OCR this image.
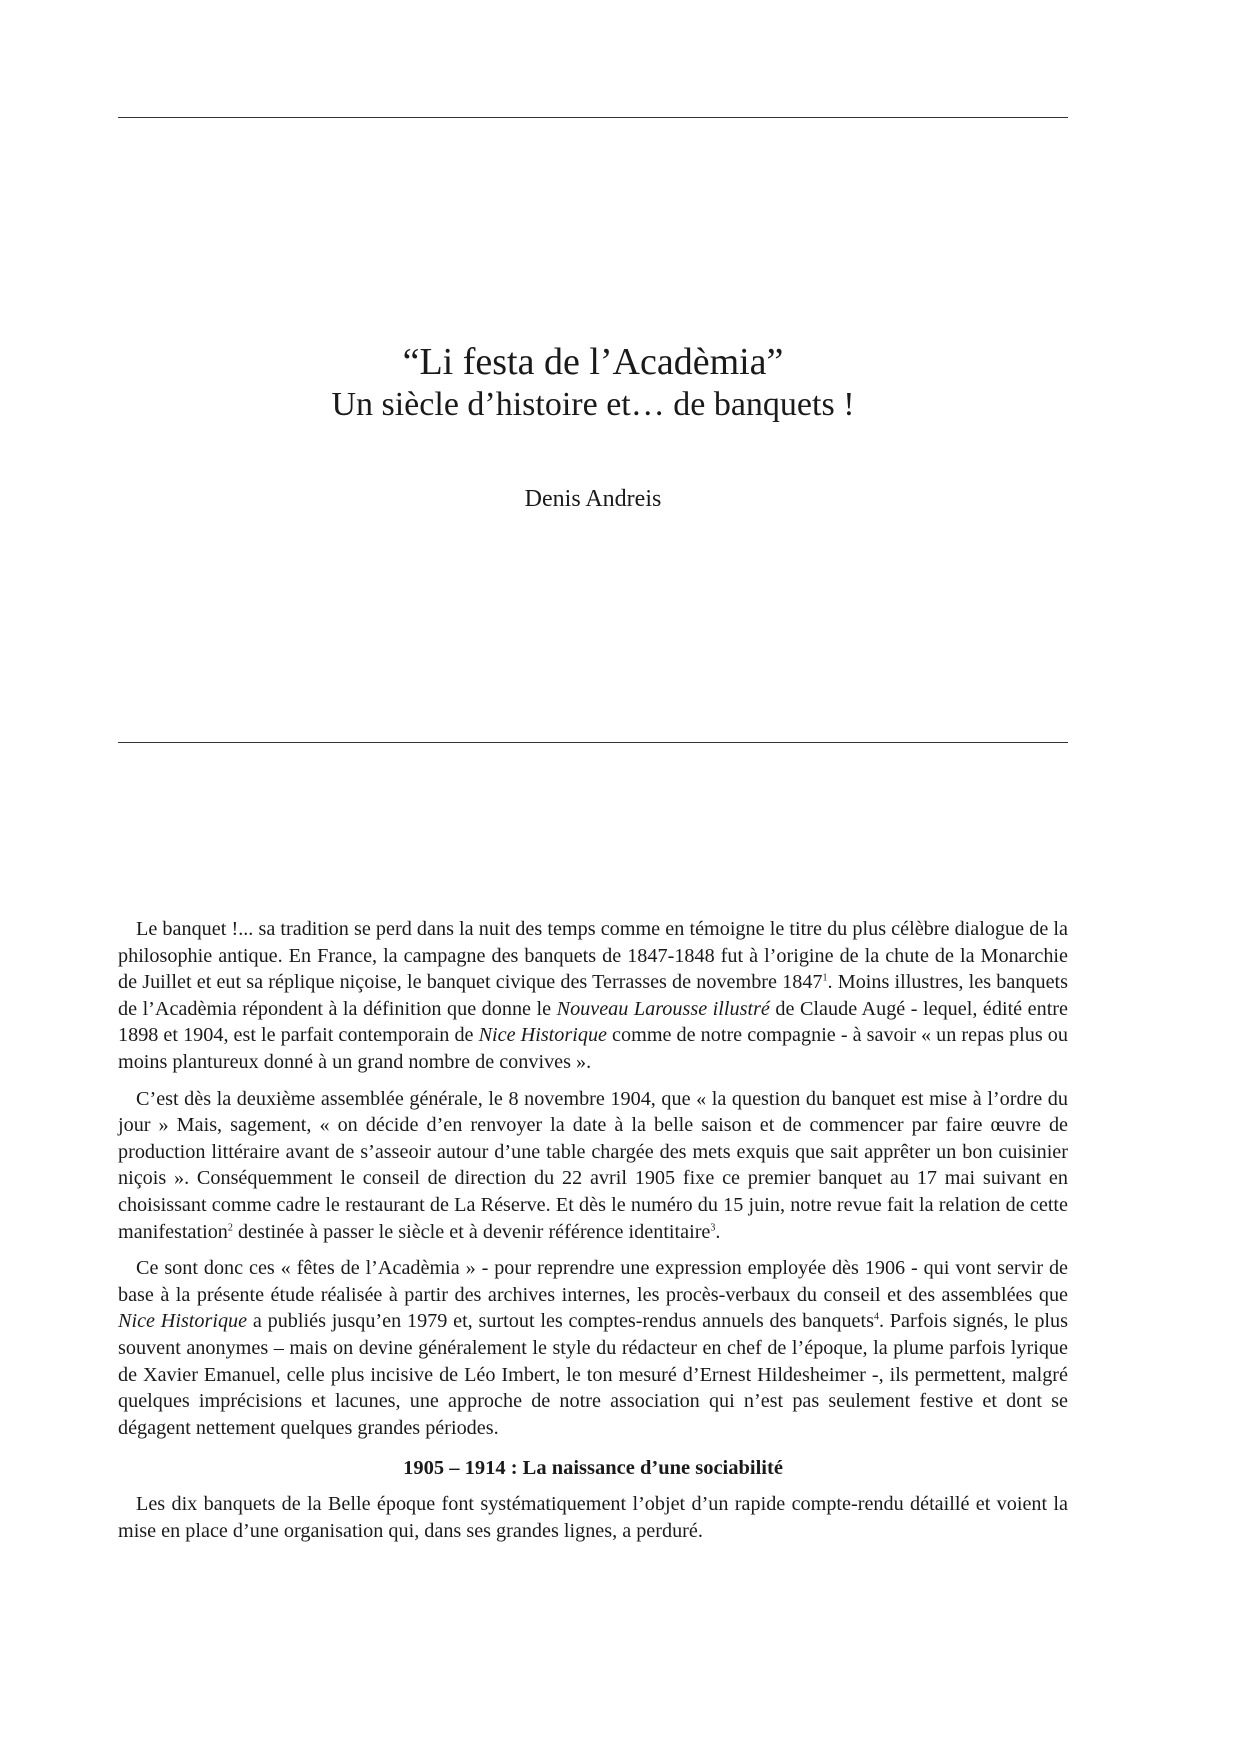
“Li festa de l’Acadèmia”
Un siècle d’histoire et… de banquets !
Denis Andreis

Le banquet !... sa tradition se perd dans la nuit des temps comme en témoigne le titre du plus célèbre dialogue de la philosophie antique. En France, la campagne des banquets de 1847-1848 fut à l’origine de la chute de la Monarchie de Juillet et eut sa réplique niçoise, le banquet civique des Terrasses de novembre 1847$^1$. Moins illustres, les banquets de l’Acadèmia répondent à la définition que donne le Nouveau Larousse illustré de Claude Augé - lequel, édité entre 1898 et 1904, est le parfait contemporain de Nice Historique comme de notre compagnie - à savoir « un repas plus ou moins plantureux donné à un grand nombre de convives ».

C’est dès la deuxième assemblée générale, le 8 novembre 1904, que « la question du banquet est mise à l’ordre du jour » Mais, sagement, « on décide d’en renvoyer la date à la belle saison et de commencer par faire œuvre de production littéraire avant de s’asseoir autour d’une table chargée des mets exquis que sait apprêter un bon cuisinier niçois ». Conséquemment le conseil de direction du 22 avril 1905 fixe ce premier banquet au 17 mai suivant en choisissant comme cadre le restaurant de La Réserve. Et dès le numéro du 15 juin, notre revue fait la relation de cette manifestation$^2$ destinée à passer le siècle et à devenir référence identitaire$^3$.

Ce sont donc ces « fêtes de l’Acadèmia » - pour reprendre une expression employée dès 1906 - qui vont servir de base à la présente étude réalisée à partir des archives internes, les procès-verbaux du conseil et des assemblées que Nice Historique a publiés jusqu’en 1979 et, surtout les comptes-rendus annuels des banquets$^4$. Parfois signés, le plus souvent anonymes – mais on devine généralement le style du rédacteur en chef de l’époque, la plume parfois lyrique de Xavier Emanuel, celle plus incisive de Léo Imbert, le ton mesuré d’Ernest Hildesheimer -, ils permettent, malgré quelques imprécisions et lacunes, une approche de notre association qui n’est pas seulement festive et dont se dégagent nettement quelques grandes périodes.

1905 – 1914 : La naissance d’une sociabilité

Les dix banquets de la Belle époque font systématiquement l’objet d’un rapide compte-rendu détaillé et voient la mise en place d’une organisation qui, dans ses grandes lignes, a perduré.
